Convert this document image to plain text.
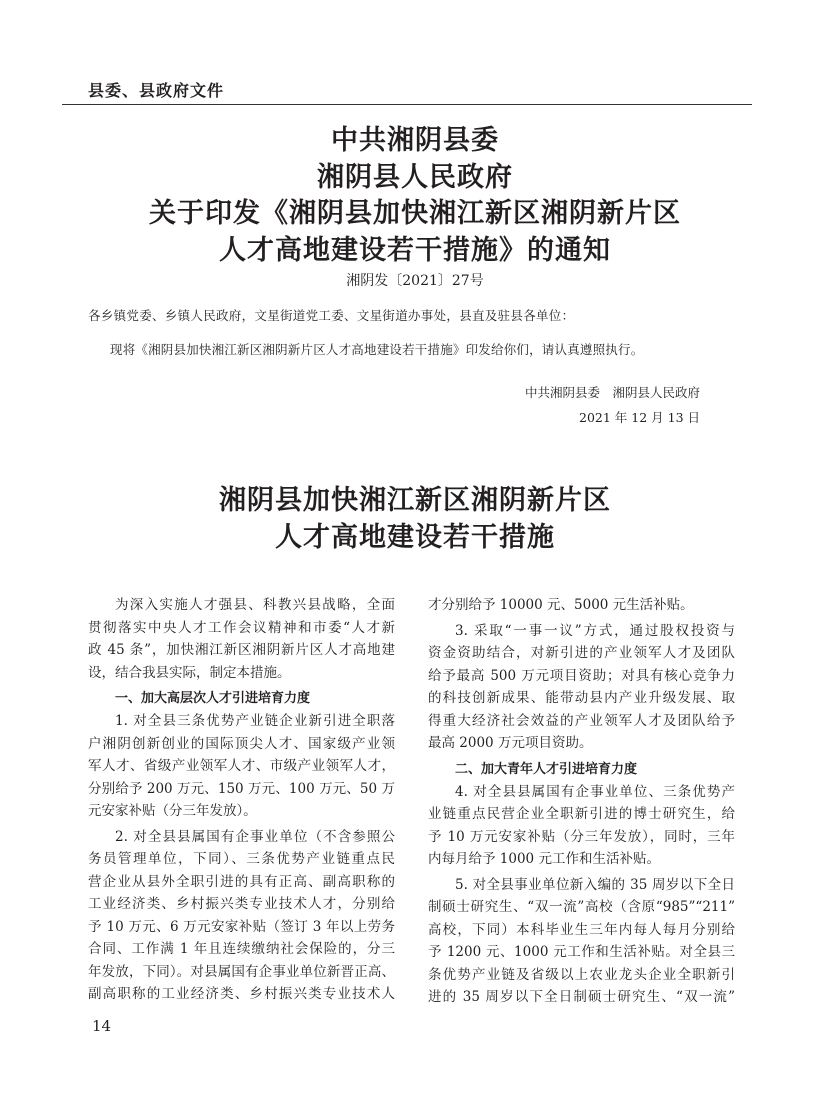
县委、县政府文件
中共湘阴县委
湘阴县人民政府
关于印发《湘阴县加快湘江新区湘阴新片区
人才高地建设若干措施》的通知
湘阴发〔2021〕27号
各乡镇党委、乡镇人民政府，文星街道党工委、文星街道办事处，县直及驻县各单位：
现将《湘阴县加快湘江新区湘阴新片区人才高地建设若干措施》印发给你们，请认真遵照执行。
中共湘阴县委　湘阴县人民政府
2021 年 12 月 13 日
湘阴县加快湘江新区湘阴新片区
人才高地建设若干措施
为深入实施人才强县、科教兴县战略，全面
贯彻落实中央人才工作会议精神和市委“人才新
政 45 条”，加快湘江新区湘阴新片区人才高地建
设，结合我县实际，制定本措施。
一、加大高层次人才引进培育力度
1. 对全县三条优势产业链企业新引进全职落
户湘阴创新创业的国际顶尖人才、国家级产业领
军人才、省级产业领军人才、市级产业领军人才，
分别给予 200 万元、150 万元、100 万元、50 万
元安家补贴（分三年发放）。
2. 对全县县属国有企事业单位（不含参照公
务员管理单位，下同）、三条优势产业链重点民
营企业从县外全职引进的具有正高、副高职称的
工业经济类、乡村振兴类专业技术人才，分别给
予 10 万元、6 万元安家补贴（签订 3 年以上劳务
合同、工作满 1 年且连续缴纳社会保险的，分三
年发放，下同）。对县属国有企事业单位新晋正高、
副高职称的工业经济类、乡村振兴类专业技术人
才分别给予 10000 元、5000 元生活补贴。
3. 采取“一事一议”方式，通过股权投资与
资金资助结合，对新引进的产业领军人才及团队
给予最高 500 万元项目资助；对具有核心竞争力
的科技创新成果、能带动县内产业升级发展、取
得重大经济社会效益的产业领军人才及团队给予
最高 2000 万元项目资助。
二、加大青年人才引进培育力度
4. 对全县县属国有企事业单位、三条优势产
业链重点民营企业全职新引进的博士研究生，给
予 10 万元安家补贴（分三年发放），同时，三年
内每月给予 1000 元工作和生活补贴。
5. 对全县事业单位新入编的 35 周岁以下全日
制硕士研究生、“双一流”高校（含原“985”“211”
高校，下同）本科毕业生三年内每人每月分别给
予 1200 元、1000 元工作和生活补贴。对全县三
条优势产业链及省级以上农业龙头企业全职新引
进的 35 周岁以下全日制硕士研究生、“双一流”
14
